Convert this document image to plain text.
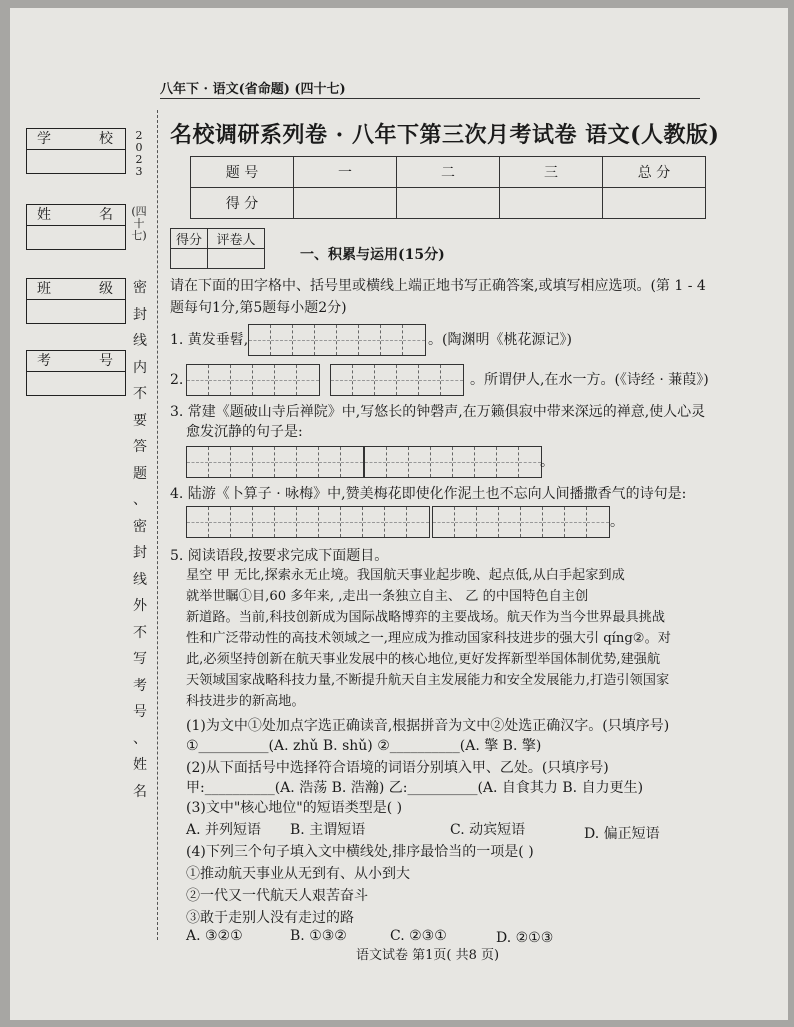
学	校
姓	名
班	级
考	号
2
0
2
3
(四十七)
密
封
线
内
不
要
答
题
、
密
封
线
外
不
写
考
号
、
姓
名
八年下 · 语文(省命题) (四十七)
名校调研系列卷 · 八年下第三次月考试卷 语文(人教版)
题 号	一	二	三	总 分
得 分				
得分	评卷人

一、积累与运用(15分)
请在下面的田字格中、括号里或横线上端正地书写正确答案,或填写相应选项。(第 1 - 4
题每句1分,第5题每小题2分)
1. 黄发垂髫,	。(陶渊明《桃花源记》)
2.	。所谓伊人,在水一方。(《诗经 · 蒹葭》)
3. 常建《题破山寺后禅院》中,写悠长的钟磬声,在万籁俱寂中带来深远的禅意,使人心灵
愈发沉静的句子是:
。
4. 陆游《卜算子 · 咏梅》中,赞美梅花即使化作泥土也不忘向人间播撒香气的诗句是:
。
5. 阅读语段,按要求完成下面题目。
星空 甲 无比,探索永无止境。我国航天事业起步晚、起点低,从白手起家到成
就举世瞩①目,60 多年来, ,走出一条独立自主、 乙 的中国特色自主创
新道路。当前,科技创新成为国际战略博弈的主要战场。航天作为当今世界最具挑战
性和广泛带动性的高技术领域之一,理应成为推动国家科技进步的强大引 qíng②。对
此,必须坚持创新在航天事业发展中的核心地位,更好发挥新型举国体制优势,建强航
天领域国家战略科技力量,不断提升航天自主发展能力和安全发展能力,打造引领国家
科技进步的新高地。
(1)为文中①处加点字选正确读音,根据拼音为文中②处选正确汉字。(只填序号)
①__________(A. zhǔ B. shǔ) ②__________(A. 擎 B. 擎)
(2)从下面括号中选择符合语境的词语分别填入甲、乙处。(只填序号)
甲:__________(A. 浩荡 B. 浩瀚) 乙:__________(A. 自食其力 B. 自力更生)
(3)文中"核心地位"的短语类型是( )
A. 并列短语 B. 主谓短语	C. 动宾短语	D. 偏正短语
(4)下列三个句子填入文中横线处,排序最恰当的一项是( )
①推动航天事业从无到有、从小到大
②一代又一代航天人艰苦奋斗
③敢于走别人没有走过的路
A. ③②①	B. ①③②	C. ②③①	D. ②①③
语文试卷 第1页( 共8 页)
